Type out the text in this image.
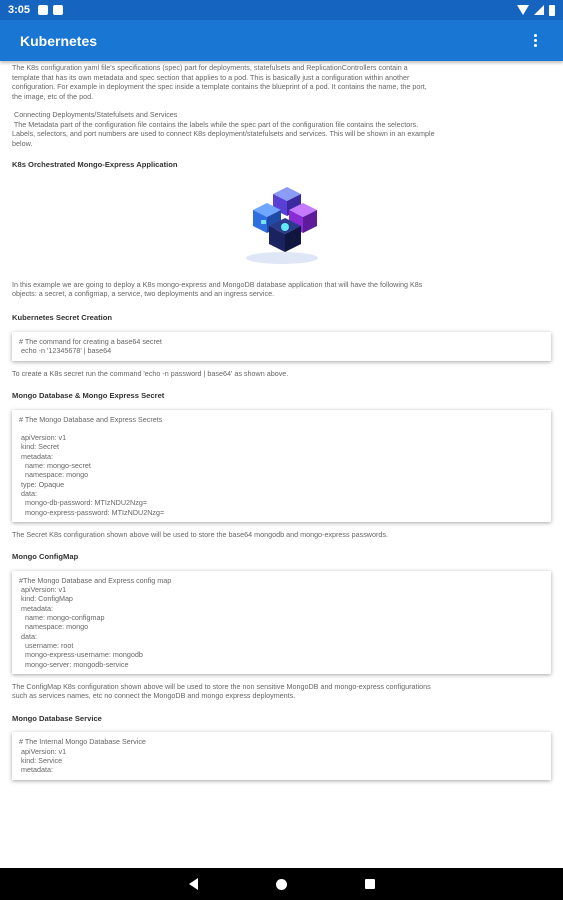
3:05
Kubernetes
The K8s configuration yaml file's specifications (spec) part for deployments, statefulsets and ReplicationControllers contain a
template that has its own metadata and spec section that applies to a pod. This is basically just a configuration within another
configuration. For example in deployment the spec inside a template contains the blueprint of a pod. It contains the name, the port,
the image, etc of the pod.
Connecting Deployments/Statefulsets and Services
The Metadata part of the configuration file contains the labels while the spec part of the configuration file contains the selectors.
Labels, selectors, and port numbers are used to connect K8s deployment/statefulsets and services. This will be shown in an example
below.
K8s Orchestrated Mongo-Express Application
In this example we are going to deploy a K8s mongo-express and MongoDB database application that will have the following K8s
objects: a secret, a configmap, a service, two deployments and an ingress service.
Kubernetes Secret Creation
# The command for creating a base64 secret
echo -n '12345678' | base64
To create a K8s secret run the command 'echo -n password | base64' as shown above.
Mongo Database & Mongo Express Secret
# The Mongo Database and Express Secrets

apiVersion: v1
kind: Secret
metadata:
name: mongo-secret
namespace: mongo
type: Opaque
data:
mongo-db-password: MTIzNDU2Nzg=
mongo-express-password: MTIzNDU2Nzg=

The Secret K8s configuration shown above will be used to store the base64 mongodb and mongo-express passwords.
Mongo ConfigMap
#The Mongo Database and Express config map
apiVersion: v1
kind: ConfigMap
metadata:
name: mongo-configmap
namespace: mongo
data:
username: root
mongo-express-username: mongodb
mongo-server: mongodb-service

The ConfigMap K8s configuration shown above will be used to store the non sensitive MongoDB and mongo-express configurations
such as services names, etc no connect the MongoDB and mongo express deployments.
Mongo Database Service
# The Internal Mongo Database Service
apiVersion: v1
kind: Service
metadata:
